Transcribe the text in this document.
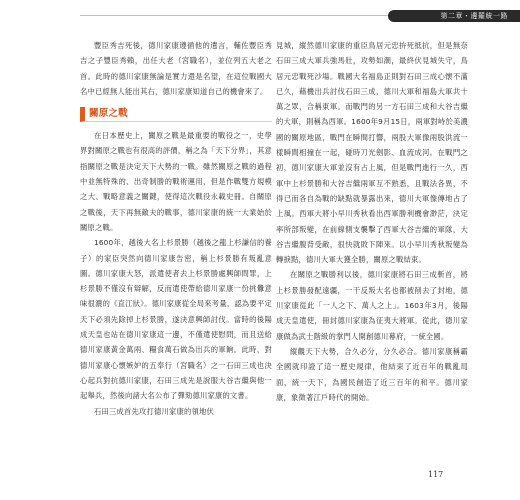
第二章・邊羅統一路

豐臣秀吉死後，德川家康遵循他的遺言，輔佐豐臣秀吉之子豐臣秀賴，出任大老（宮職名），並位列五大老之首。此時的德川家康無論是實力還是名望，在這位戰國大名中已經無人能出其右，德川家康知道自己的機會來了。

關原之戰

在日本歷史上，關原之戰是最重要的戰役之一，史學界對關原之戰也有很高的評價，稱之為「天下分界」，其意指關原之戰是決定天下大勢的一戰。雖然關原之戰的過程中並無特殊的、出奇制勝的戰術運用，但是作戰雙方規模之大、戰略意義之關鍵，使得這次戰役永載史冊。自關原之戰後，天下再無敵夫的戰事，德川家康的統一大業始於關原之戰。

1600年，越後大名上杉景勝（越後之龍上杉謙信的養子）的家臣突然向德川家康告密，稱上杉景勝有叛亂意圖。德川家康大怒，派遣使者去上杉景勝處興師問罪，上杉景勝不僅沒有辯解，反而遣使帶給德川家康一份挑釁意味很濃的《直江狀》。德川家康從全局來考量，認為要平定天下必須先除掉上杉景勝，遂決意興師討伐。當時的後陽成天皇也站在德川家康這一邊，不僅遣使慰問，而且送給德川家康黃金萬兩、糧食萬石做為出兵的軍餉。此時，對德川家康心懷嫉妒的五奉行（宮職名）之一石田三成也決心起兵對抗德川家康，石田三成先是說服大谷吉繼與他一起舉兵，然後向諸大名公布了彈劾德川家康的文書。

石田三成首先攻打德川家康的領地伏

見城，縱然德川家康的重臣鳥居元忠拚死抵抗，但是無奈石田三成大軍兵強馬壯，攻勢如潮，最終伏見城失守，鳥居元忠戰死沙場。戰國大名福島正則對石田三成心懷不滿已久，藉機出兵討伐石田三成，德川大軍和福島大軍共十萬之眾，合稱東軍。而戰門的另一方石田三成和大谷吉繼的大軍，則稱為西軍。1600年9月15日，兩軍對峙於美濃國的關原地區，戰門在瞬間打響，兩股大軍像兩股洪流一樣瞬間相撞在一起，碰時刀光劍影、血流成河。在戰門之初，德川家康大軍並沒有占上風，但是戰門進行一久，西軍中上杉景勝和大谷吉繼兩軍互不熟悉，且戰法各異，不得已而各自為戰的缺點就暴露出來，德川大軍像傳地占了上風。西軍大將小早川秀秋看出西軍勝利機會渺茫，決定率所部叛變，在前線側支襲擊了西軍大谷吉繼的軍隊，大谷吉繼腹背受敵，很快就敗下陣來。以小早川秀秋叛變為轉捩點，德川大軍大獲全勝，關原之戰結束。

在關原之戰勝利以後，德川家康將石田三成斬首，將上杉景勝發配遠疆，一干反叛大名也都被削去了封地，德川家康從此「一人之下、萬人之上」。1603年3月，後陽成天皇遣使，冊封德川家康為征夷大將軍。從此，德川家康做為武士階級的掌門人開創德川幕府，一統全國。

縱觀天下大勢，合久必分，分久必合。德川家康稱霸全國就印證了這一歷史規律，他結束了近百年的戰亂局面，統一天下，為國民創造了近三百年的和平。德川家康，象徵著江戶時代的開始。

117
